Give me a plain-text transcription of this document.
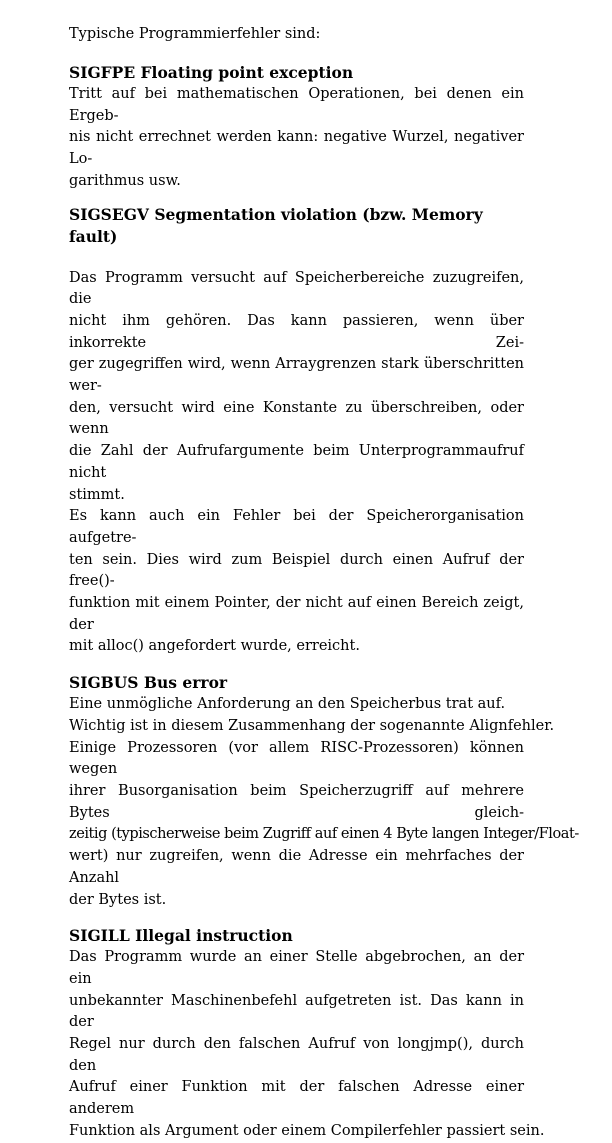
Typische Programmierfehler sind:

SIGFPE Floating point exception

Tritt auf bei mathematischen Operationen, bei denen ein Ergeb-
nis nicht errechnet werden kann: negative Wurzel, negativer Lo-
garithmus usw.

SIGSEGV Segmentation violation (bzw. Memory fault)

Das Programm versucht auf Speicherbereiche zuzugreifen, die
nicht ihm gehören. Das kann passieren, wenn über inkorrekte Zei-
ger zugegriffen wird, wenn Arraygrenzen stark überschritten wer-
den, versucht wird eine Konstante zu überschreiben, oder wenn
die Zahl der Aufrufargumente beim Unterprogrammaufruf nicht
stimmt.

Es kann auch ein Fehler bei der Speicherorganisation aufgetre-
ten sein. Dies wird zum Beispiel durch einen Aufruf der free()-
funktion mit einem Pointer, der nicht auf einen Bereich zeigt, der
mit alloc() angefordert wurde, erreicht.

SIGBUS Bus error

Eine unmögliche Anforderung an den Speicherbus trat auf.

Wichtig ist in diesem Zusammenhang der sogenannte Alignfehler.

Einige Prozessoren (vor allem RISC-Prozessoren) können wegen
ihrer Busorganisation beim Speicherzugriff auf mehrere Bytes gleich-
zeitig (typischerweise beim Zugriff auf einen 4 Byte langen Integer/Float-
wert) nur zugreifen, wenn die Adresse ein mehrfaches der Anzahl
der Bytes ist.

SIGILL Illegal instruction

Das Programm wurde an einer Stelle abgebrochen, an der ein
unbekannter Maschinenbefehl aufgetreten ist. Das kann in der
Regel nur durch den falschen Aufruf von longjmp(), durch den
Aufruf einer Funktion mit der falschen Adresse einer anderem
Funktion als Argument oder einem Compilerfehler passiert sein.
